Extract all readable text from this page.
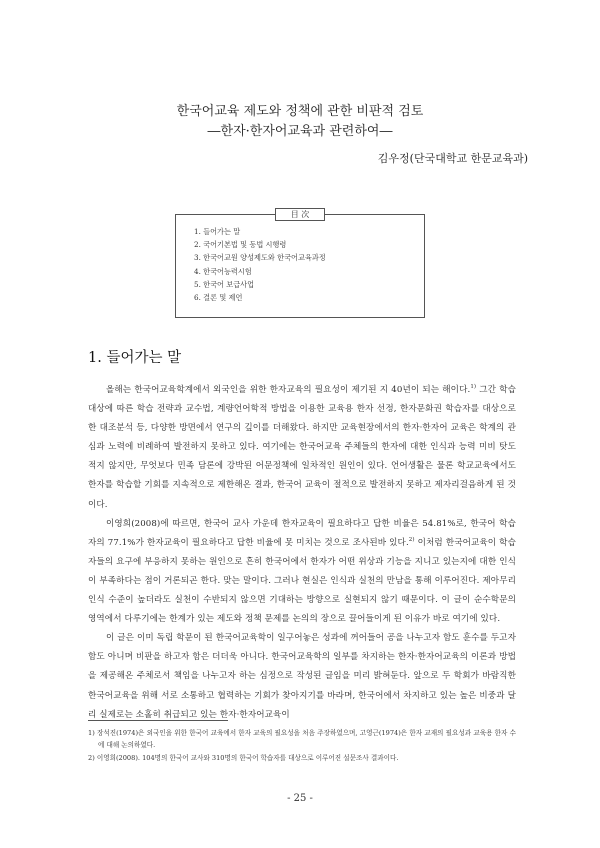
한국어교육 제도와 정책에 관한 비판적 검토
―한자·한자어교육과 관련하여―
김우정(단국대학교 한문교육과)
目 次
1. 들어가는 말
2. 국어기본법 및 동법 시행령
3. 한국어교원 양성제도와 한국어교육과정
4. 한국어능력시험
5. 한국어 보급사업
6. 결론 및 제언
1. 들어가는 말

올해는 한국어교육학계에서 외국인을 위한 한자교육의 필요성이 제기된 지 40년이 되는 해이다.$^{1)}$ 그간 학습대상에 따른 학습 전략과 교수법, 계량언어학적 방법을 이용한 교육용 한자 선정, 한자문화권 학습자를 대상으로 한 대조분석 등, 다양한 방면에서 연구의 깊이를 더해왔다. 하지만 교육현장에서의 한자·한자어 교육은 학계의 관심과 노력에 비례하여 발전하지 못하고 있다. 여기에는 한국어교육 주체들의 한자에 대한 인식과 능력 미비 탓도 적지 않지만, 무엇보다 민족 담론에 강박된 어문정책에 일차적인 원인이 있다. 언어생활은 물론 학교교육에서도 한자를 학습할 기회를 지속적으로 제한해온 결과, 한국어 교육이 절적으로 발전하지 못하고 제자리걸음하게 된 것이다.

이영희(2008)에 따르면, 한국어 교사 가운데 한자교육이 필요하다고 답한 비율은 54.81%로, 한국어 학습자의 77.1%가 한자교육이 필요하다고 답한 비율에 못 미치는 것으로 조사된바 있다.$^{2)}$ 이처럼 한국어교육이 학습자들의 요구에 부응하지 못하는 원인으로 흔히 한국어에서 한자가 어떤 위상과 기능을 지니고 있는지에 대한 인식이 부족하다는 점이 거론되곤 한다. 맞는 말이다. 그러나 현실은 인식과 실천의 만남을 통해 이루어진다. 제아무리 인식 수준이 높더라도 실천이 수반되지 않으면 기대하는 방향으로 실현되지 않기 때문이다. 이 글이 순수학문의 영역에서 다루기에는 한계가 있는 제도와 정책 문제를 논의의 장으로 끌어들이게 된 이유가 바로 여기에 있다.

이 글은 이미 독립 학문이 된 한국어교육학이 일구어놓은 성과에 꺼어들어 공을 나누고자 함도 훈수를 두고자 함도 아니며 비판을 하고자 함은 더더욱 아니다. 한국어교육학의 일부를 차지하는 한자·한자어교육의 이론과 방법을 제공해온 주체로서 책임을 나누고자 하는 심정으로 작성된 글임을 미리 밝혀둔다. 앞으로 두 학회가 바람직한 한국어교육을 위해 서로 소통하고 협력하는 기회가 찾아지기를 바라며, 한국어에서 차지하고 있는 높은 비중과 달리 실제로는 소홀히 취급되고 있는 한자·한자어교육이

1) 장석진(1974)은 외국인을 위한 한국어 교육에서 한자 교육의 필요성을 처음 주장하였으며, 고영근(1974)은 한자 교재의 필요성과 교육용 한자 수에 대해 논의하였다.

2) 이영희(2008). 104명의 한국어 교사와 310명의 한국어 학습자를 대상으로 이루어진 설문조사 결과이다.

- 25 -
